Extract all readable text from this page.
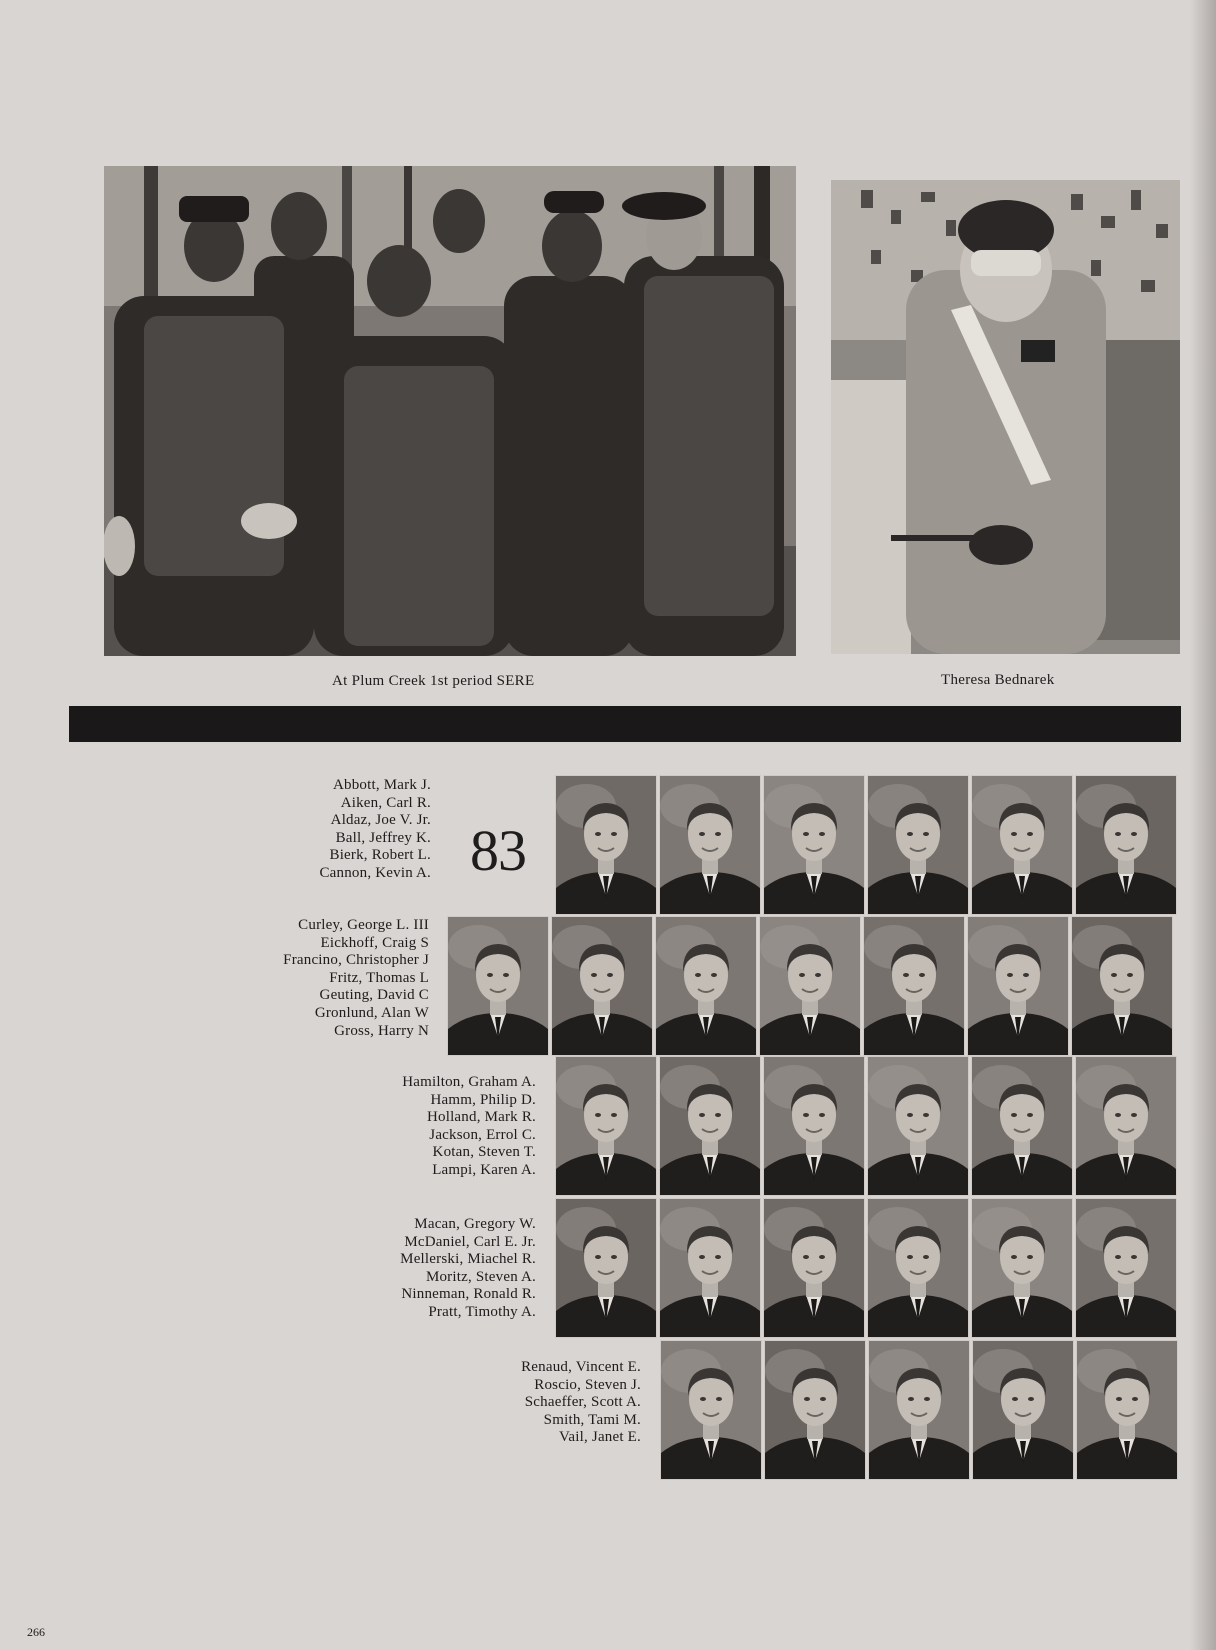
At Plum Creek 1st period SERE	Theresa Bednarek
Abbott, Mark J.
Aiken, Carl R.
Aldaz, Joe V. Jr.
Ball, Jeffrey K.
Bierk, Robert L.
Cannon, Kevin A. 83
Curley, George L. III
Eickhoff, Craig S
Francino, Christopher J
Fritz, Thomas L
Geuting, David C
Gronlund, Alan W
Gross, Harry N
Hamilton, Graham A.
Hamm, Philip D.
Holland, Mark R.
Jackson, Errol C.
Kotan, Steven T.
Lampi, Karen A.
Macan, Gregory W.
McDaniel, Carl E. Jr.
Mellerski, Miachel R.
Moritz, Steven A.
Ninneman, Ronald R.
Pratt, Timothy A.
Renaud, Vincent E.
Roscio, Steven J.
Schaeffer, Scott A.
Smith, Tami M.
Vail, Janet E.
266
